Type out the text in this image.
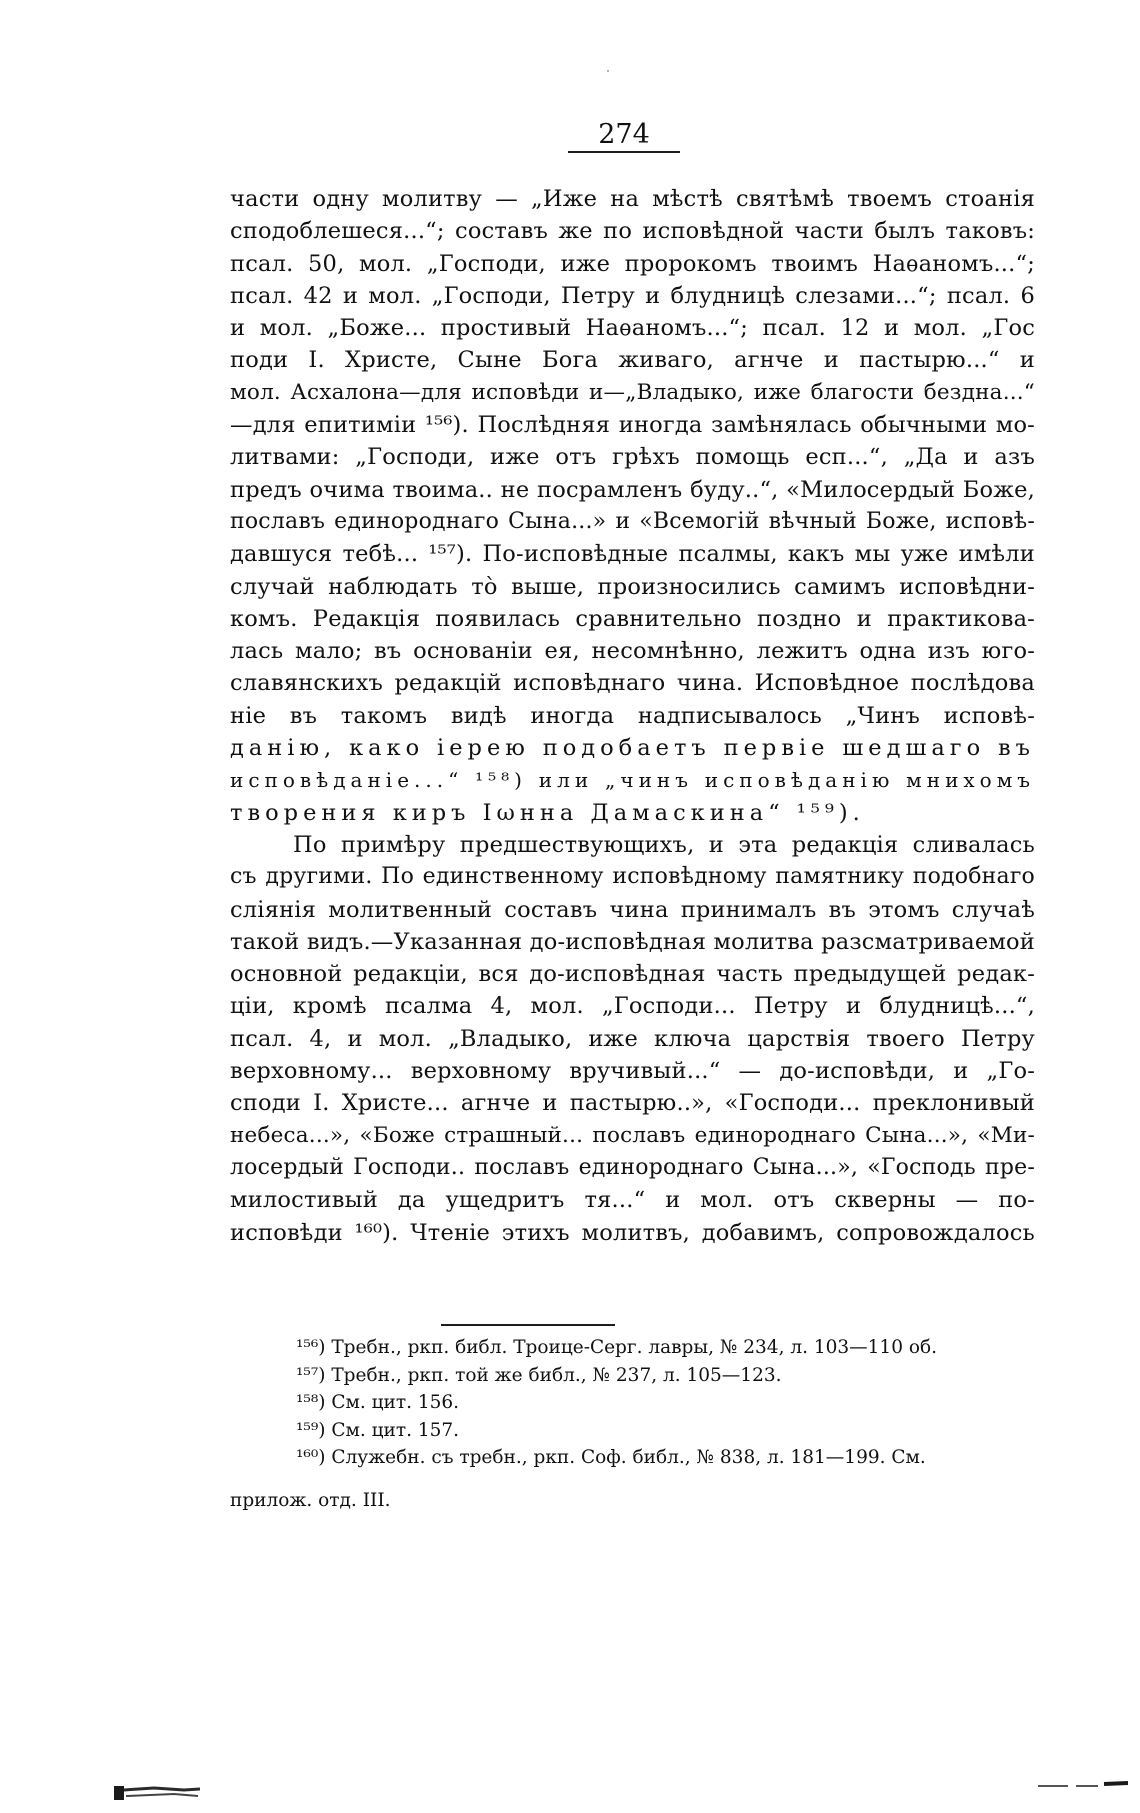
274
части одну молитву — „Иже на мѣстѣ святѣмѣ твоемъ стоанія
сподоблешеся...“; составъ же по исповѣдной части былъ таковъ:
псал. 50, мол. „Господи, иже пророкомъ твоимъ Наѳаномъ...“;
псал. 42 и мол. „Господи, Петру и блудницѣ слезами...“; псал. 6
и мол. „Боже... простивый Наѳаномъ...“; псал. 12 и мол. „Гос
поди І. Христе, Сыне Бога живаго, агнче и пастырю...“ и
мол. Асхалона—для исповѣди и—„Владыко, иже благости бездна...“
—для епитиміи ¹⁵⁶). Послѣдняя иногда замѣнялась обычными мо-
литвами: „Господи, иже отъ грѣхъ помощь есп...“, „Да и азъ
предъ очима твоима.. не посрамленъ буду..“, «Милосердый Боже,
пославъ единороднаго Сына...» и «Всемогій вѣчный Боже, исповѣ-
давшуся тебѣ... ¹⁵⁷). По-исповѣдные псалмы, какъ мы уже имѣли
случай наблюдать тò выше, произносились самимъ исповѣдни-
комъ. Редакція появилась сравнительно поздно и практикова-
лась мало; въ основаніи ея, несомнѣнно, лежитъ одна изъ юго-
славянскихъ редакцій исповѣднаго чина. Исповѣдное послѣдова
ніе въ такомъ видѣ иногда надписывалось „Чинъ исповѣ-
данію, како іерею подобаетъ первіе шедшаго въ
исповѣданіе...“ ¹⁵⁸) или „чинъ исповѣданію мнихомъ
творения киръ Іωнна Дамаскина“ ¹⁵⁹).
По примѣру предшествующихъ, и эта редакція сливалась
съ другими. По единственному исповѣдному памятнику подобнаго
сліянія молитвенный составъ чина принималъ въ этомъ случаѣ
такой видъ.—Указанная до-исповѣдная молитва разсматриваемой
основной редакціи, вся до-исповѣдная часть предыдущей редак-
ціи, кромѣ псалма 4, мол. „Господи... Петру и блудницѣ...“,
псал. 4, и мол. „Владыко, иже ключа царствія твоего Петру
верховному... верховному вручивый...“ — до-исповѣди, и „Го-
споди І. Христе... агнче и пастырю..», «Господи... преклонивый
небеса...», «Боже страшный... пославъ единороднаго Сына...», «Ми-
лосердый Господи.. пославъ единороднаго Сына...», «Господь пре-
милостивый да ущедритъ тя...“ и мол. отъ скверны — по-
исповѣди ¹⁶⁰). Чтеніе этихъ молитвъ, добавимъ, сопровождалось
¹⁵⁶) Требн., ркп. библ. Троице-Серг. лавры, № 234, л. 103—110 об.
¹⁵⁷) Требн., ркп. той же библ., № 237, л. 105—123.
¹⁵⁸) См. цит. 156.
¹⁵⁹) См. цит. 157.
¹⁶⁰) Служебн. съ требн., ркп. Соф. библ., № 838, л. 181—199. См.
прилож. отд. III.
